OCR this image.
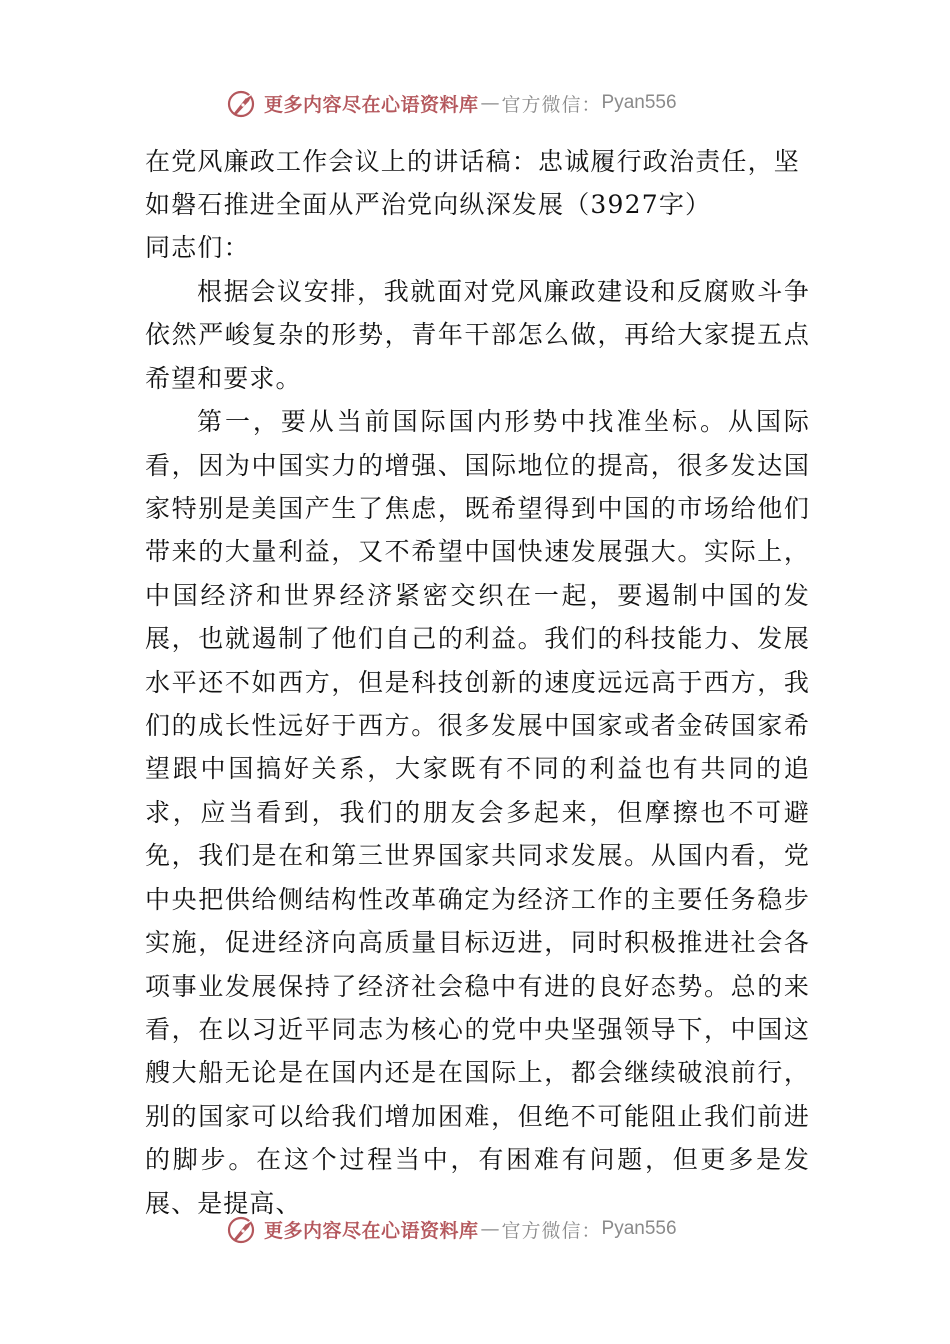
更多内容尽在心语资料库 — 官方微信： Pyan556
在党风廉政工作会议上的讲话稿：忠诚履行政治责任，坚如磐石推进全面从严治党向纵深发展（3927字）

同志们：

根据会议安排，我就面对党风廉政建设和反腐败斗争依然严峻复杂的形势，青年干部怎么做，再给大家提五点希望和要求。

第一，要从当前国际国内形势中找准坐标。从国际看，因为中国实力的增强、国际地位的提高，很多发达国家特别是美国产生了焦虑，既希望得到中国的市场给他们带来的大量利益，又不希望中国快速发展强大。实际上，中国经济和世界经济紧密交织在一起，要遏制中国的发展，也就遏制了他们自己的利益。我们的科技能力、发展水平还不如西方，但是科技创新的速度远远高于西方，我们的成长性远好于西方。很多发展中国家或者金砖国家希望跟中国搞好关系，大家既有不同的利益也有共同的追求，应当看到，我们的朋友会多起来，但摩擦也不可避免，我们是在和第三世界国家共同求发展。从国内看，党中央把供给侧结构性改革确定为经济工作的主要任务稳步实施，促进经济向高质量目标迈进，同时积极推进社会各项事业发展保持了经济社会稳中有进的良好态势。总的来看，在以习近平同志为核心的党中央坚强领导下，中国这艘大船无论是在国内还是在国际上，都会继续破浪前行，别的国家可以给我们增加困难，但绝不可能阻止我们前进的脚步。在这个过程当中，有困难有问题，但更多是发展、是提高、

更多内容尽在心语资料库 — 官方微信： Pyan556
